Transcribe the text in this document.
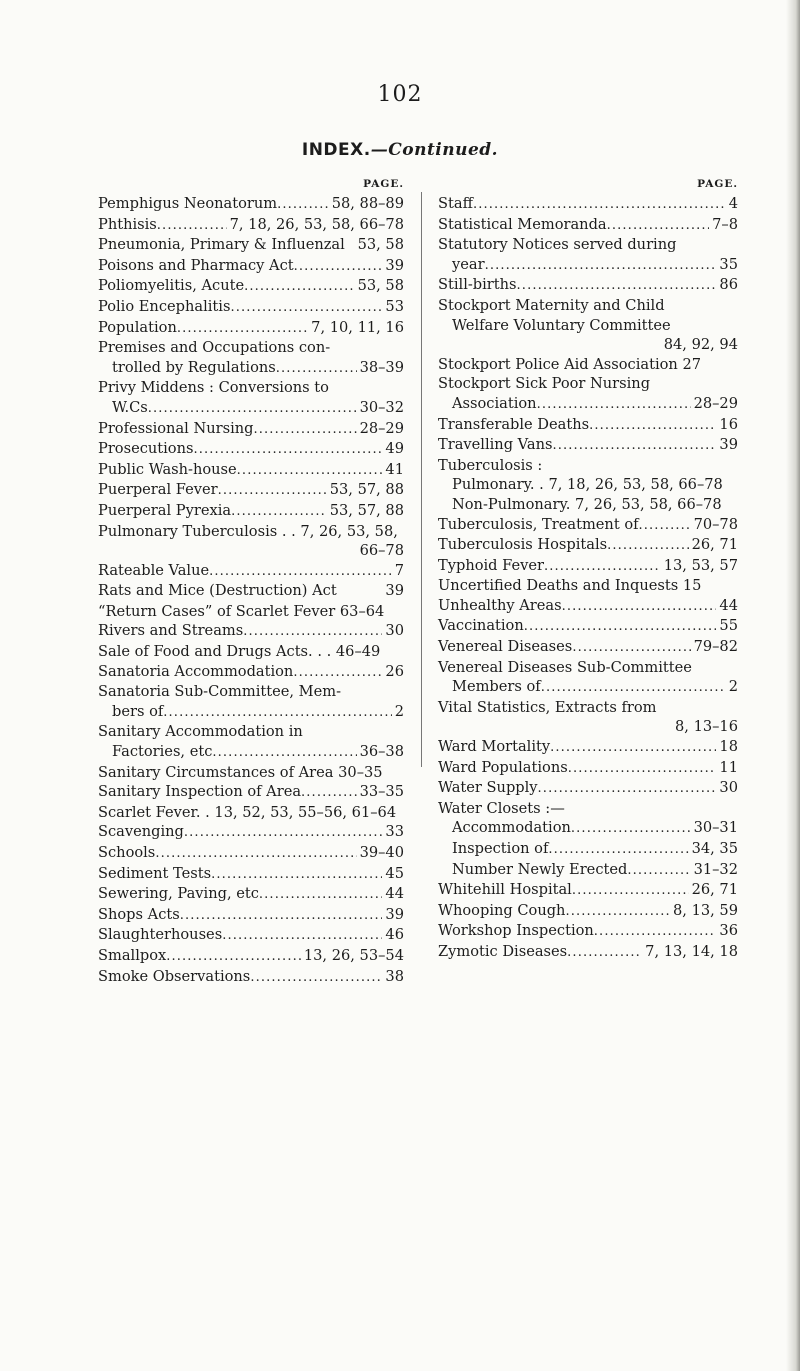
102
INDEX.—Continued.
PAGE.
Pemphigus Neonatorum . . .	58, 88–89
Phthisis . . .	7, 18, 26, 53, 58, 66–78
Pneumonia, Primary & Influenzal 53, 58
Poisons and Pharmacy Act . . .	39
Poliomyelitis, Acute . . .	53, 58
Polio Encephalitis . . .	53
Population . . .	7, 10, 11, 16
Premises and Occupations con-
trolled by Regulations . . .	38–39
Privy Middens : Conversions to
W.Cs . . .	30–32
Professional Nursing . . .	28–29
Prosecutions . . .	49
Public Wash-house . . .	41
Puerperal Fever . . .	53, 57, 88
Puerperal Pyrexia . . .	53, 57, 88
Pulmonary Tuberculosis . . 7, 26, 53, 58,
66–78
Rateable Value . . .	7
Rats and Mice (Destruction) Act	39
“Return Cases” of Scarlet Fever 63–64
Rivers and Streams . . .	30
Sale of Food and Drugs Acts. . . 46–49
Sanatoria Accommodation . . .	26
Sanatoria Sub-Committee, Mem-
bers of . . .	2
Sanitary Accommodation in
Factories, etc . . .	36–38
Sanitary Circumstances of Area 30–35
Sanitary Inspection of Area . . .	33–35
Scarlet Fever. . 13, 52, 53, 55–56, 61–64
Scavenging . . .	33
Schools . . .	39–40
Sediment Tests . . .	45
Sewering, Paving, etc . . .	44
Shops Acts . . .	39
Slaughterhouses . . .	46
Smallpox . . .	13, 26, 53–54
Smoke Observations . . .	38
PAGE.
Staff . . .	4
Statistical Memoranda . . .	7–8
Statutory Notices served during
year . . .	35
Still-births . . .	86
Stockport Maternity and Child
Welfare Voluntary Committee
84, 92, 94
Stockport Police Aid Association 27
Stockport Sick Poor Nursing
Association . . .	28–29
Transferable Deaths . . .	16
Travelling Vans . . .	39
Tuberculosis :
Pulmonary. . 7, 18, 26, 53, 58, 66–78
Non-Pulmonary. 7, 26, 53, 58, 66–78
Tuberculosis, Treatment of . . .	70–78
Tuberculosis Hospitals . . .	26, 71
Typhoid Fever . . .	13, 53, 57
Uncertified Deaths and Inquests 15
Unhealthy Areas . . .	44
Vaccination . . .	55
Venereal Diseases . . .	79–82
Venereal Diseases Sub-Committee
Members of . . .	2
Vital Statistics, Extracts from
8, 13–16
Ward Mortality . . .	18
Ward Populations . . .	11
Water Supply . . .	30
Water Closets :—
Accommodation . . .	30–31
Inspection of . . .	34, 35
Number Newly Erected . . .	31–32
Whitehill Hospital . . .	26, 71
Whooping Cough . . .	8, 13, 59
Workshop Inspection . . .	36
Zymotic Diseases . . .	7, 13, 14, 18
